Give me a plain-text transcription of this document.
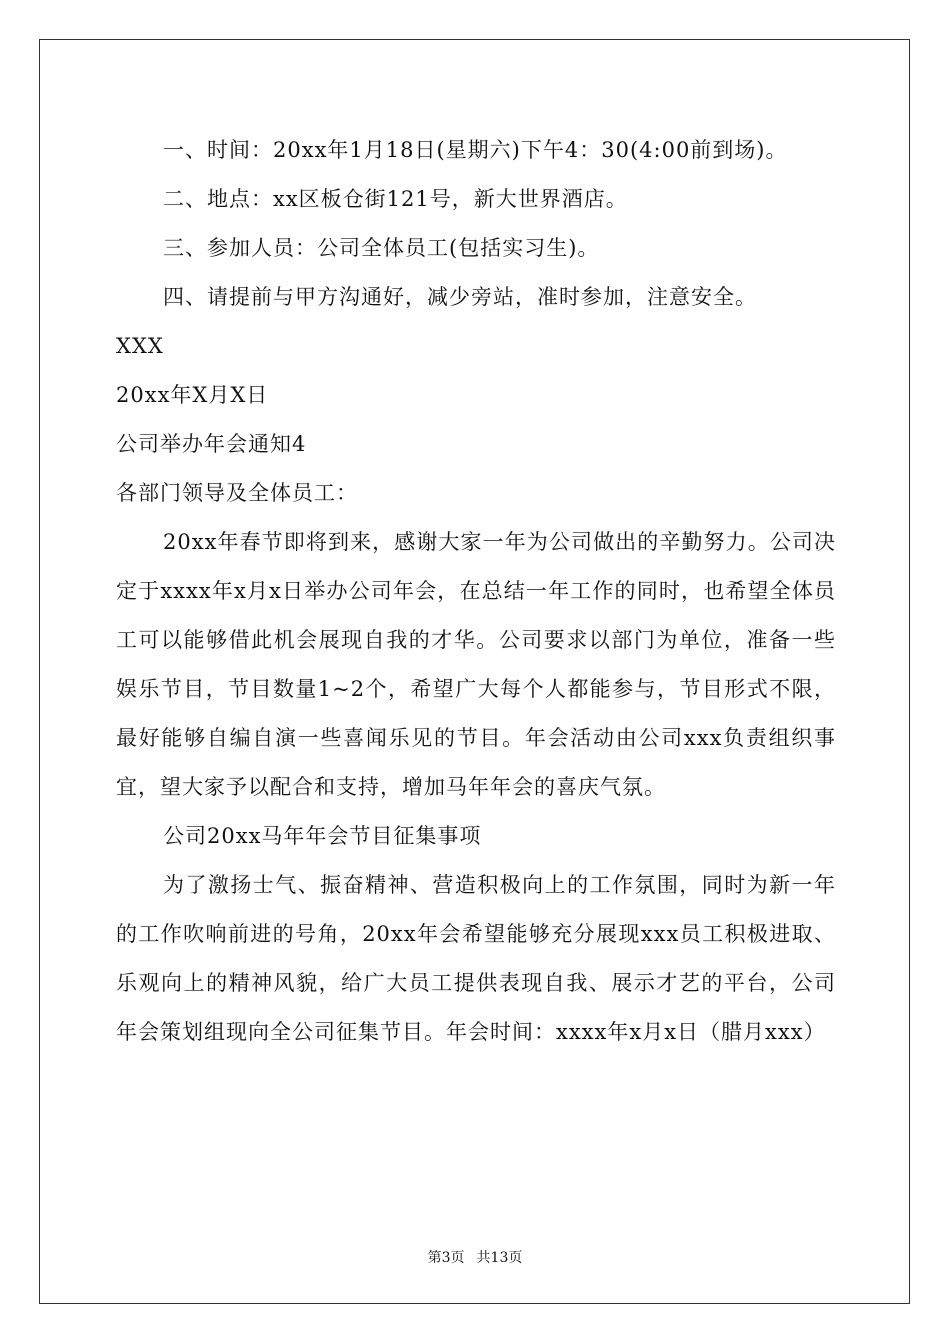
一、时间：20xx年1月18日(星期六)下午4：30(4:00前到场)。

二、地点：xx区板仓街121号，新大世界酒店。

三、参加人员：公司全体员工(包括实习生)。

四、请提前与甲方沟通好，减少旁站，准时参加，注意安全。

XXX

20xx年X月X日

公司举办年会通知4

各部门领导及全体员工：

20xx年春节即将到来，感谢大家一年为公司做出的辛勤努力。公司决定于xxxx年x月x日举办公司年会，在总结一年工作的同时，也希望全体员工可以能够借此机会展现自我的才华。公司要求以部门为单位，准备一些娱乐节目，节目数量1~2个，希望广大每个人都能参与，节目形式不限，最好能够自编自演一些喜闻乐见的节目。年会活动由公司xxx负责组织事宜，望大家予以配合和支持，增加马年年会的喜庆气氛。

公司20xx马年年会节目征集事项

为了激扬士气、振奋精神、营造积极向上的工作氛围，同时为新一年的工作吹响前进的号角，20xx年会希望能够充分展现xxx员工积极进取、乐观向上的精神风貌，给广大员工提供表现自我、展示才艺的平台，公司年会策划组现向全公司征集节目。年会时间：xxxx年x月x日（腊月xxx）
第3页 共13页
